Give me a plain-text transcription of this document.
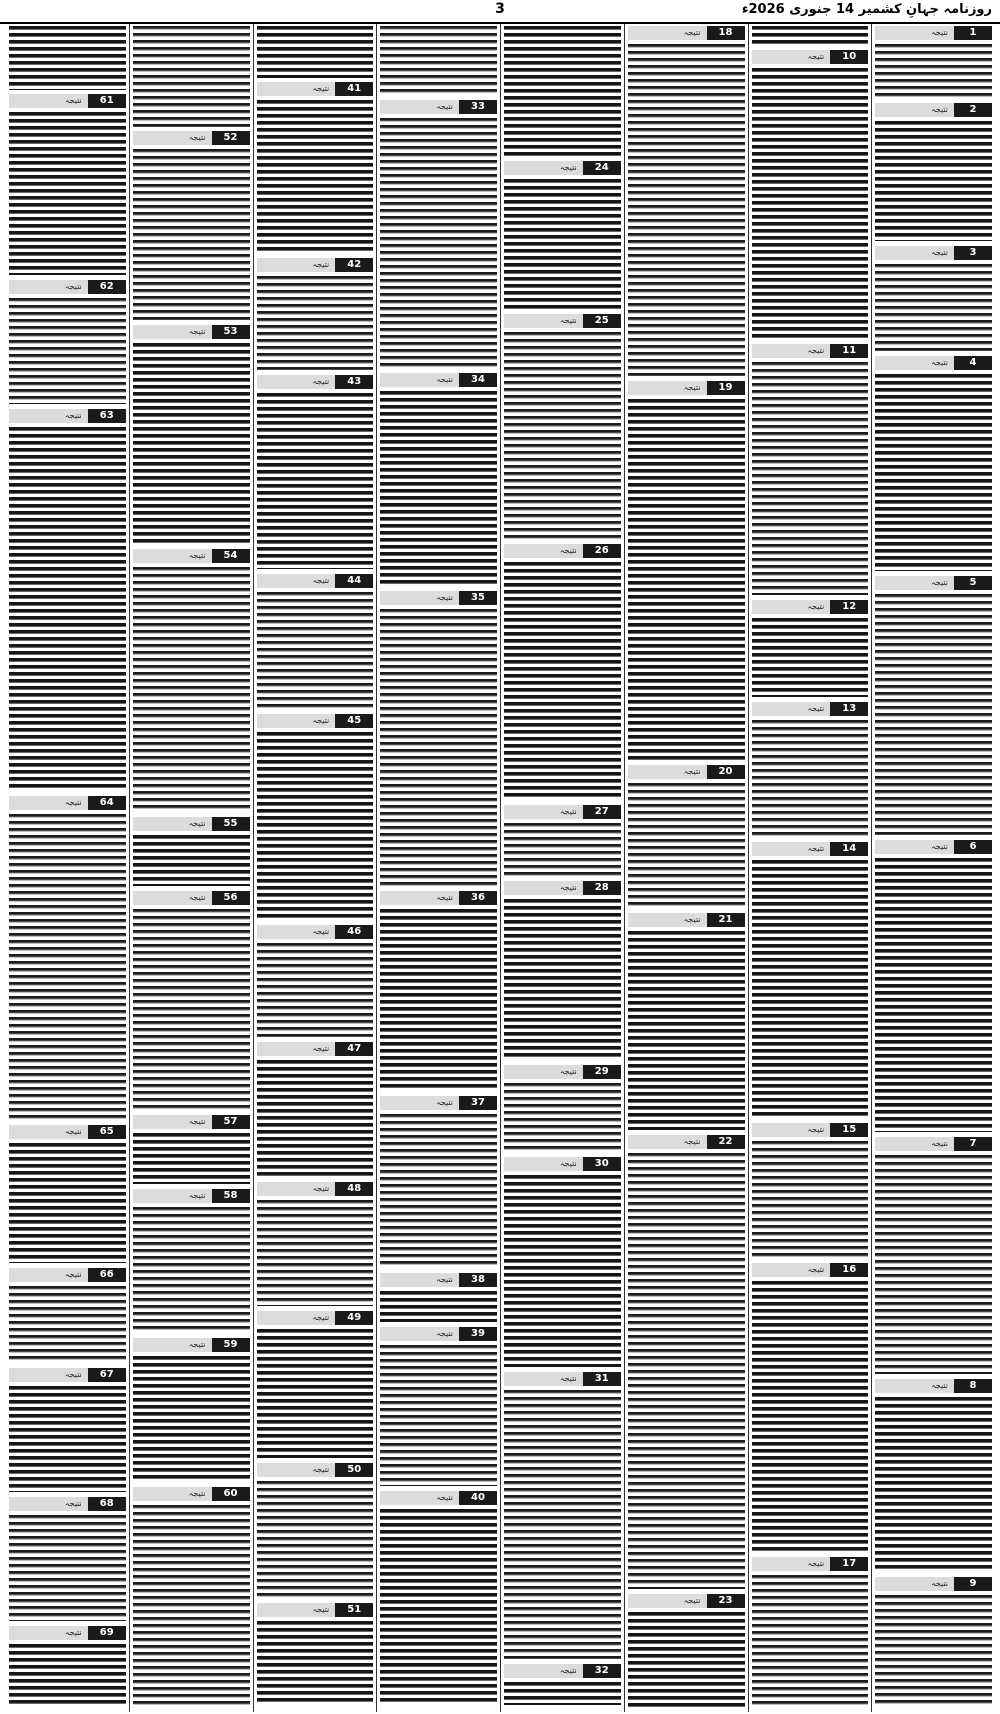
3	روزنامہ جہانِ کشمیر 14 جنوری 2026ء
نتیجہ	1
نتیجہ	2
نتیجہ	3
نتیجہ	4
نتیجہ	5
نتیجہ	6
نتیجہ	7
نتیجہ	8
نتیجہ	9
نتیجہ	10
نتیجہ	11
نتیجہ	12
نتیجہ	13
نتیجہ	14
نتیجہ	15
نتیجہ	16
نتیجہ	17
نتیجہ	18
نتیجہ	19
نتیجہ	20
نتیجہ	21
نتیجہ	22
نتیجہ	23
نتیجہ	24
نتیجہ	25
نتیجہ	26
نتیجہ	27
نتیجہ	28
نتیجہ	29
نتیجہ	30
نتیجہ	31
نتیجہ	32
نتیجہ	33
نتیجہ	34
نتیجہ	35
نتیجہ	36
نتیجہ	37
نتیجہ	38
نتیجہ	39
نتیجہ	40
نتیجہ	41
نتیجہ	42
نتیجہ	43
نتیجہ	44
نتیجہ	45
نتیجہ	46
نتیجہ	47
نتیجہ	48
نتیجہ	49
نتیجہ	50
نتیجہ	51
نتیجہ	52
نتیجہ	53
نتیجہ	54
نتیجہ	55
نتیجہ	56
نتیجہ	57
نتیجہ	58
نتیجہ	59
نتیجہ	60
نتیجہ	61
نتیجہ	62
نتیجہ	63
نتیجہ	64
نتیجہ	65
نتیجہ	66
نتیجہ	67
نتیجہ	68
نتیجہ	69
